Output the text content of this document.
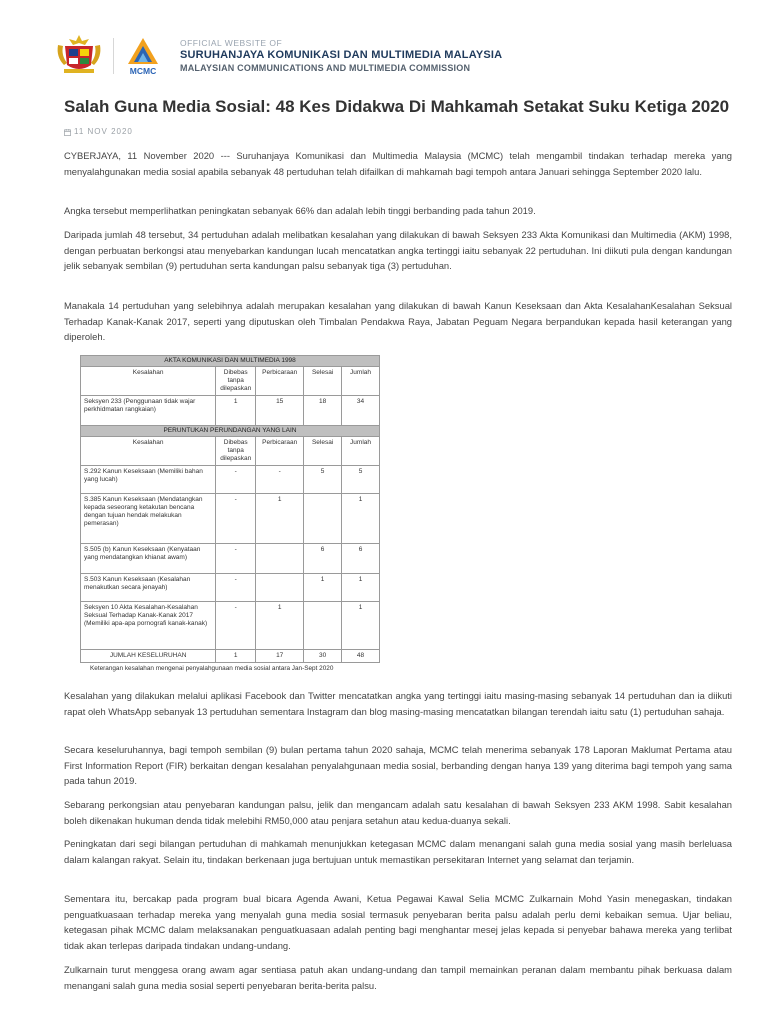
MCMC
OFFICIAL WEBSITE OF
SURUHANJAYA KOMUNIKASI DAN MULTIMEDIA MALAYSIA
MALAYSIAN COMMUNICATIONS AND MULTIMEDIA COMMISSION
Salah Guna Media Sosial: 48 Kes Didakwa Di Mahkamah Setakat Suku Ketiga 2020
11 NOV 2020

CYBERJAYA, 11 November 2020 --- Suruhanjaya Komunikasi dan Multimedia Malaysia (MCMC) telah mengambil tindakan terhadap mereka yang menyalahgunakan media sosial apabila sebanyak 48 pertuduhan telah difailkan di mahkamah bagi tempoh antara Januari sehingga September 2020 lalu.

Angka tersebut memperlihatkan peningkatan sebanyak 66% dan adalah lebih tinggi berbanding pada tahun 2019.

Daripada jumlah 48 tersebut, 34 pertuduhan adalah melibatkan kesalahan yang dilakukan di bawah Seksyen 233 Akta Komunikasi dan Multimedia (AKM) 1998, dengan perbuatan berkongsi atau menyebarkan kandungan lucah mencatatkan angka tertinggi iaitu sebanyak 22 pertuduhan. Ini diikuti pula dengan kandungan jelik sebanyak sembilan (9) pertuduhan serta kandungan palsu sebanyak tiga (3) pertuduhan.

Manakala 14 pertuduhan yang selebihnya adalah merupakan kesalahan yang dilakukan di bawah Kanun Keseksaan dan Akta KesalahanKesalahan Seksual Terhadap Kanak-Kanak 2017, seperti yang diputuskan oleh Timbalan Pendakwa Raya, Jabatan Peguam Negara berpandukan kepada hasil keterangan yang diperoleh.

AKTA KOMUNIKASI DAN MULTIMEDIA 1998				
Kesalahan	Dibebas tanpa dilepaskan	Perbicaraan	Selesai	Jumlah
Seksyen 233 (Penggunaan tidak wajar perkhidmatan rangkaian)	1	15	18	34
PERUNTUKAN PERUNDANGAN YANG LAIN				
Kesalahan	Dibebas tanpa dilepaskan	Perbicaraan	Selesai	Jumlah
S.292 Kanun Keseksaan (Memiliki bahan yang lucah)	-	-	5	5
S.385 Kanun Keseksaan (Mendatangkan kepada seseorang ketakutan bencana dengan tujuan hendak melakukan pemerasan)	-	1		1
S.505 (b) Kanun Keseksaan (Kenyataan yang mendatangkan khianat awam)	-		6	6
S.503 Kanun Keseksaan (Kesalahan menakutkan secara jenayah)	-		1	1
Seksyen 10 Akta Kesalahan-Kesalahan Seksual Terhadap Kanak-Kanak 2017 (Memiliki apa-apa pornografi kanak-kanak)	-	1		1
JUMLAH KESELURUHAN	1	17	30	48
Keterangan kesalahan mengenai penyalahgunaan media sosial antara Jan-Sept 2020

Kesalahan yang dilakukan melalui aplikasi Facebook dan Twitter mencatatkan angka yang tertinggi iaitu masing-masing sebanyak 14 pertuduhan dan ia diikuti rapat oleh WhatsApp sebanyak 13 pertuduhan sementara Instagram dan blog masing-masing mencatatkan bilangan terendah iaitu satu (1) pertuduhan sahaja.

Secara keseluruhannya, bagi tempoh sembilan (9) bulan pertama tahun 2020 sahaja, MCMC telah menerima sebanyak 178 Laporan Maklumat Pertama atau First Information Report (FIR) berkaitan dengan kesalahan penyalahgunaan media sosial, berbanding dengan hanya 139 yang diterima bagi tempoh yang sama pada tahun 2019.

Sebarang perkongsian atau penyebaran kandungan palsu, jelik dan mengancam adalah satu kesalahan di bawah Seksyen 233 AKM 1998. Sabit kesalahan boleh dikenakan hukuman denda tidak melebihi RM50,000 atau penjara setahun atau kedua-duanya sekali.

Peningkatan dari segi bilangan pertuduhan di mahkamah menunjukkan ketegasan MCMC dalam menangani salah guna media sosial yang masih berleluasa dalam kalangan rakyat. Selain itu, tindakan berkenaan juga bertujuan untuk memastikan persekitaran Internet yang selamat dan terjamin.

Sementara itu, bercakap pada program bual bicara Agenda Awani, Ketua Pegawai Kawal Selia MCMC Zulkarnain Mohd Yasin menegaskan, tindakan penguatkuasaan terhadap mereka yang menyalah guna media sosial termasuk penyebaran berita palsu adalah perlu demi kebaikan semua. Ujar beliau, ketegasan pihak MCMC dalam melaksanakan penguatkuasaan adalah penting bagi menghantar mesej jelas kepada si penyebar bahawa mereka yang terlibat tidak akan terlepas daripada tindakan undang-undang.

Zulkarnain turut menggesa orang awam agar sentiasa patuh akan undang-undang dan tampil memainkan peranan dalam membantu pihak berkuasa dalam menangani salah guna media sosial seperti penyebaran berita-berita palsu.
